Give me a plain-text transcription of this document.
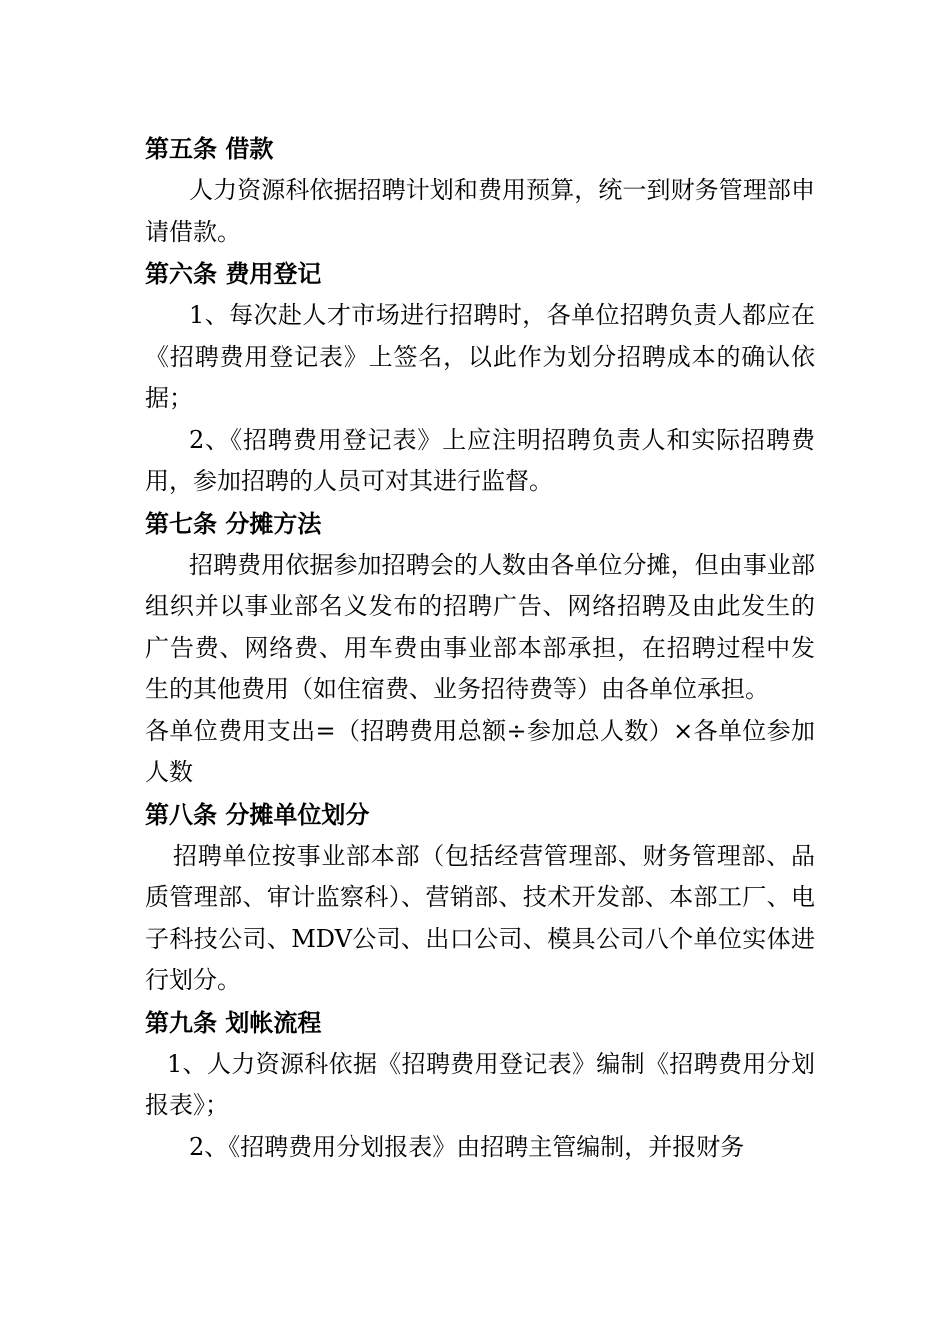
第五条 借款
人力资源科依据招聘计划和费用预算，统一到财务管理部申请借款。
第六条 费用登记
1、每次赴人才市场进行招聘时，各单位招聘负责人都应在《招聘费用登记表》上签名，以此作为划分招聘成本的确认依据；
2、《招聘费用登记表》上应注明招聘负责人和实际招聘费用，参加招聘的人员可对其进行监督。
第七条 分摊方法
招聘费用依据参加招聘会的人数由各单位分摊，但由事业部组织并以事业部名义发布的招聘广告、网络招聘及由此发生的广告费、网络费、用车费由事业部本部承担，在招聘过程中发生的其他费用（如住宿费、业务招待费等）由各单位承担。
各单位费用支出=（招聘费用总额÷参加总人数）×各单位参加人数
第八条 分摊单位划分
招聘单位按事业部本部（包括经营管理部、财务管理部、品质管理部、审计监察科）、营销部、技术开发部、本部工厂、电子科技公司、MDV公司、出口公司、模具公司八个单位实体进行划分。
第九条 划帐流程
1、人力资源科依据《招聘费用登记表》编制《招聘费用分划报表》；
2、《招聘费用分划报表》由招聘主管编制，并报财务
